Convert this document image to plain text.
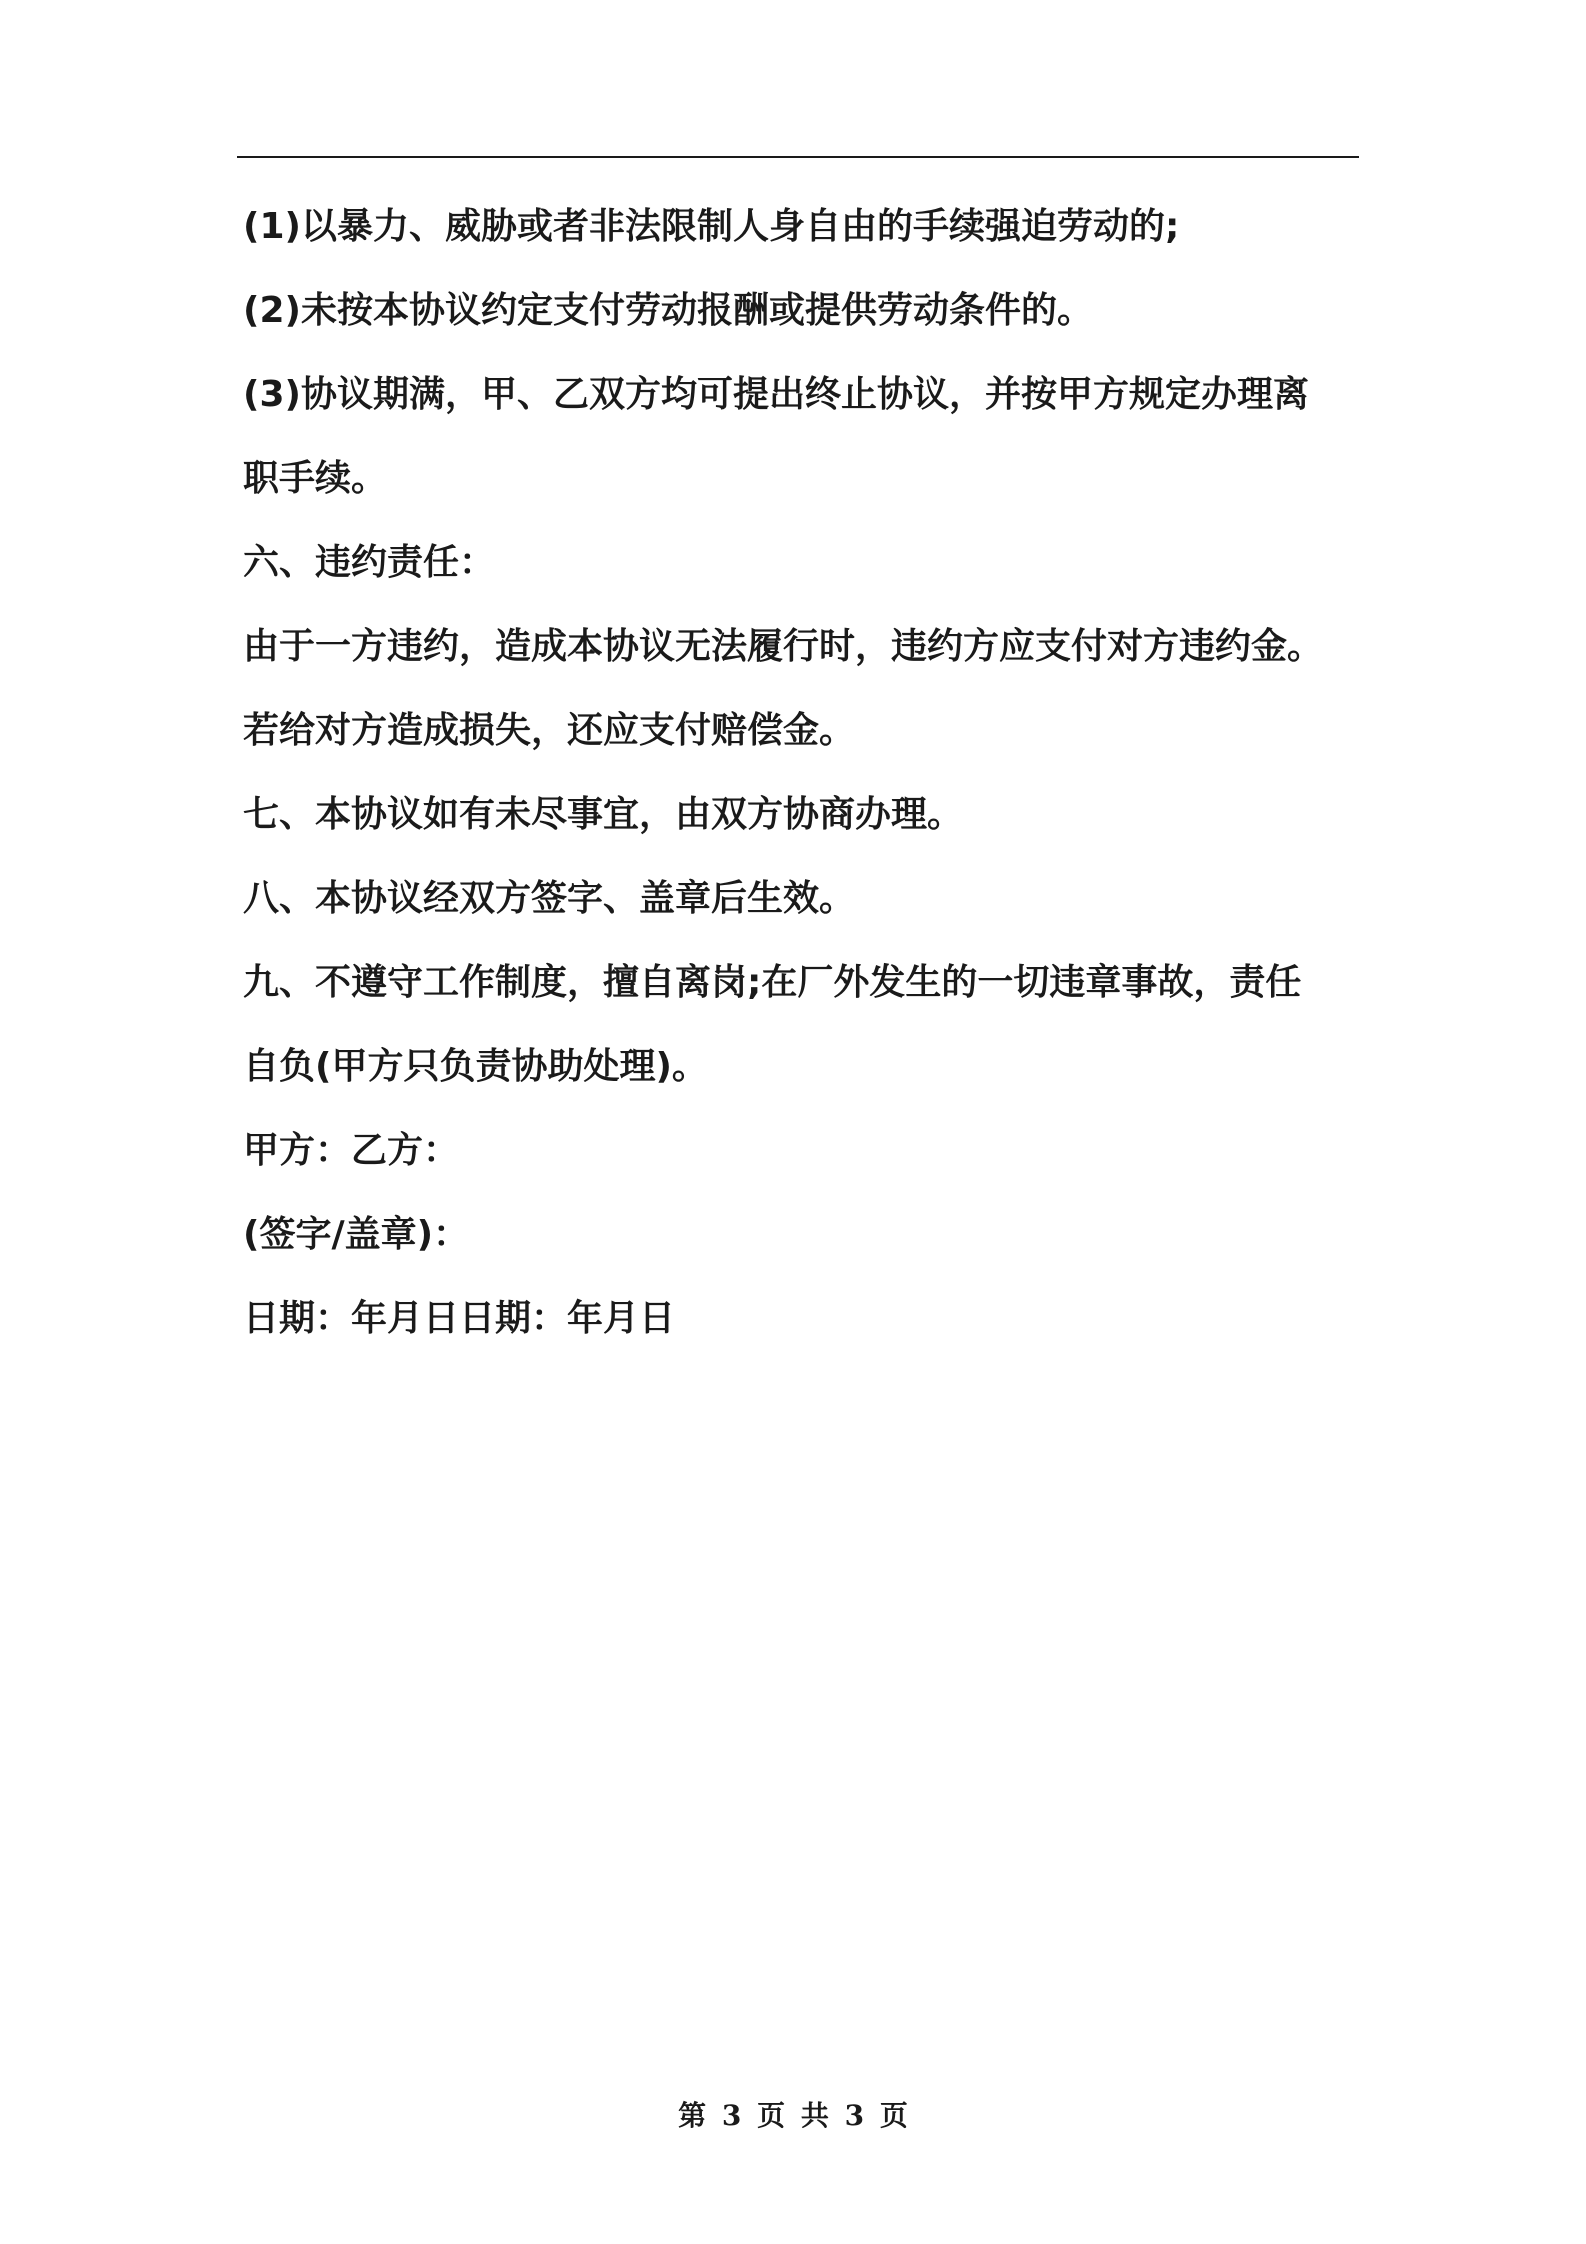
(1)以暴力、威胁或者非法限制人身自由的手续强迫劳动的;
(2)未按本协议约定支付劳动报酬或提供劳动条件的。
(3)协议期满，甲、乙双方均可提出终止协议，并按甲方规定办理离
职手续。
六、违约责任：
由于一方违约，造成本协议无法履行时，违约方应支付对方违约金。
若给对方造成损失，还应支付赔偿金。
七、本协议如有未尽事宜，由双方协商办理。
八、本协议经双方签字、盖章后生效。
九、不遵守工作制度，擅自离岗;在厂外发生的一切违章事故，责任
自负(甲方只负责协助处理)。
甲方：乙方：
(签字/盖章)：
日期：年月日日期：年月日
第 3 页 共 3 页
